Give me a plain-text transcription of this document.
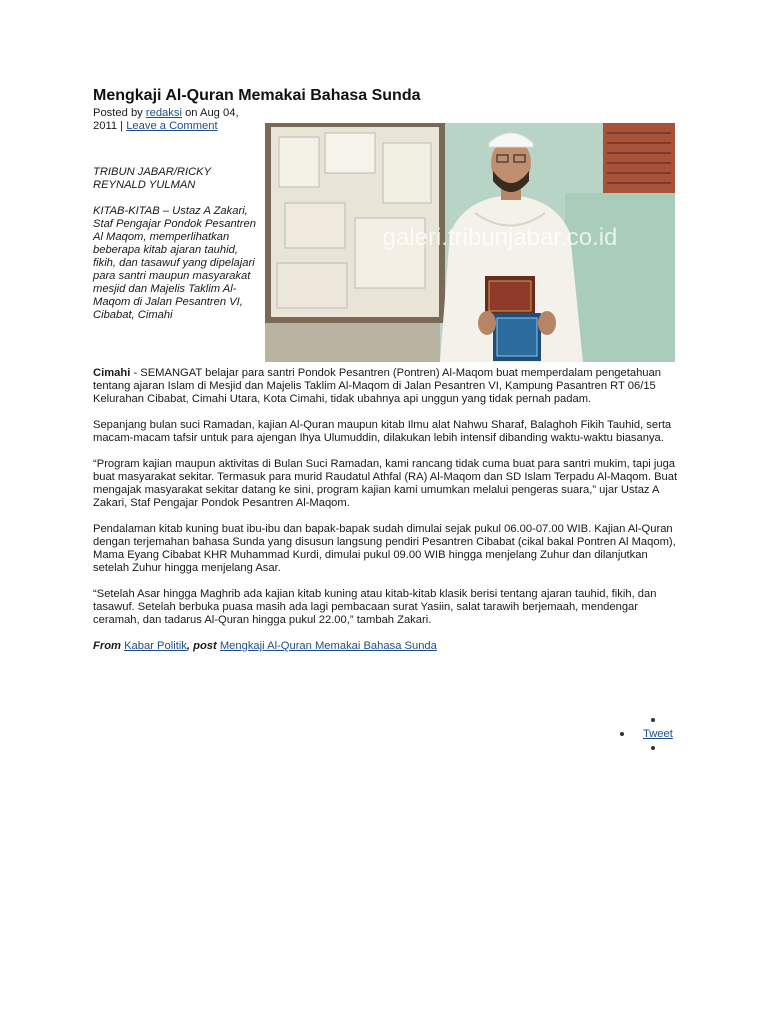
Mengkaji Al-Quran Memakai Bahasa Sunda
Posted by redaksi on Aug 04,
2011 | Leave a Comment
galeri.tribunjabar.co.id

TRIBUN JABAR/RICKY REYNALD YULMAN

KITAB-KITAB – Ustaz A Zakari, Staf Pengajar Pondok Pesantren Al Maqom, memperlihatkan beberapa kitab ajaran tauhid, fikih, dan tasawuf yang dipelajari para santri maupun masyarakat mesjid dan Majelis Taklim Al-Maqom di Jalan Pesantren VI, Cibabat, Cimahi

Cimahi - SEMANGAT belajar para santri Pondok Pesantren (Pontren) Al-Maqom buat memperdalam pengetahuan tentang ajaran Islam di Mesjid dan Majelis Taklim Al-Maqom di Jalan Pesantren VI, Kampung Pasantren RT 06/15 Kelurahan Cibabat, Cimahi Utara, Kota Cimahi, tidak ubahnya api unggun yang tidak pernah padam.

Sepanjang bulan suci Ramadan, kajian Al-Quran maupun kitab Ilmu alat Nahwu Sharaf, Balaghoh Fikih Tauhid, serta macam-macam tafsir untuk para ajengan Ihya Ulumuddin, dilakukan lebih intensif dibanding waktu-waktu biasanya.

“Program kajian maupun aktivitas di Bulan Suci Ramadan, kami rancang tidak cuma buat para santri mukim, tapi juga buat masyarakat sekitar. Termasuk para murid Raudatul Athfal (RA) Al-Maqom dan SD Islam Terpadu Al-Maqom. Buat mengajak masyarakat sekitar datang ke sini, program kajian kami umumkan melalui pengeras suara,” ujar Ustaz A Zakari, Staf Pengajar Pondok Pesantren Al-Maqom.

Pendalaman kitab kuning buat ibu-ibu dan bapak-bapak sudah dimulai sejak pukul 06.00-07.00 WIB. Kajian Al-Quran dengan terjemahan bahasa Sunda yang disusun langsung pendiri Pesantren Cibabat (cikal bakal Pontren Al Maqom), Mama Eyang Cibabat KHR Muhammad Kurdi, dimulai pukul 09.00 WIB hingga menjelang Zuhur dan dilanjutkan setelah Zuhur hingga menjelang Asar.

“Setelah Asar hingga Maghrib ada kajian kitab kuning atau kitab-kitab klasik berisi tentang ajaran tauhid, fikih, dan tasawuf. Setelah berbuka puasa masih ada lagi pembacaan surat Yasiin, salat tarawih berjemaah, mendengar ceramah, dan tadarus Al-Quran hingga pukul 22.00,” tambah Zakari.

From Kabar Politik, post Mengkaji Al-Quran Memakai Bahasa Sunda

Tweet
